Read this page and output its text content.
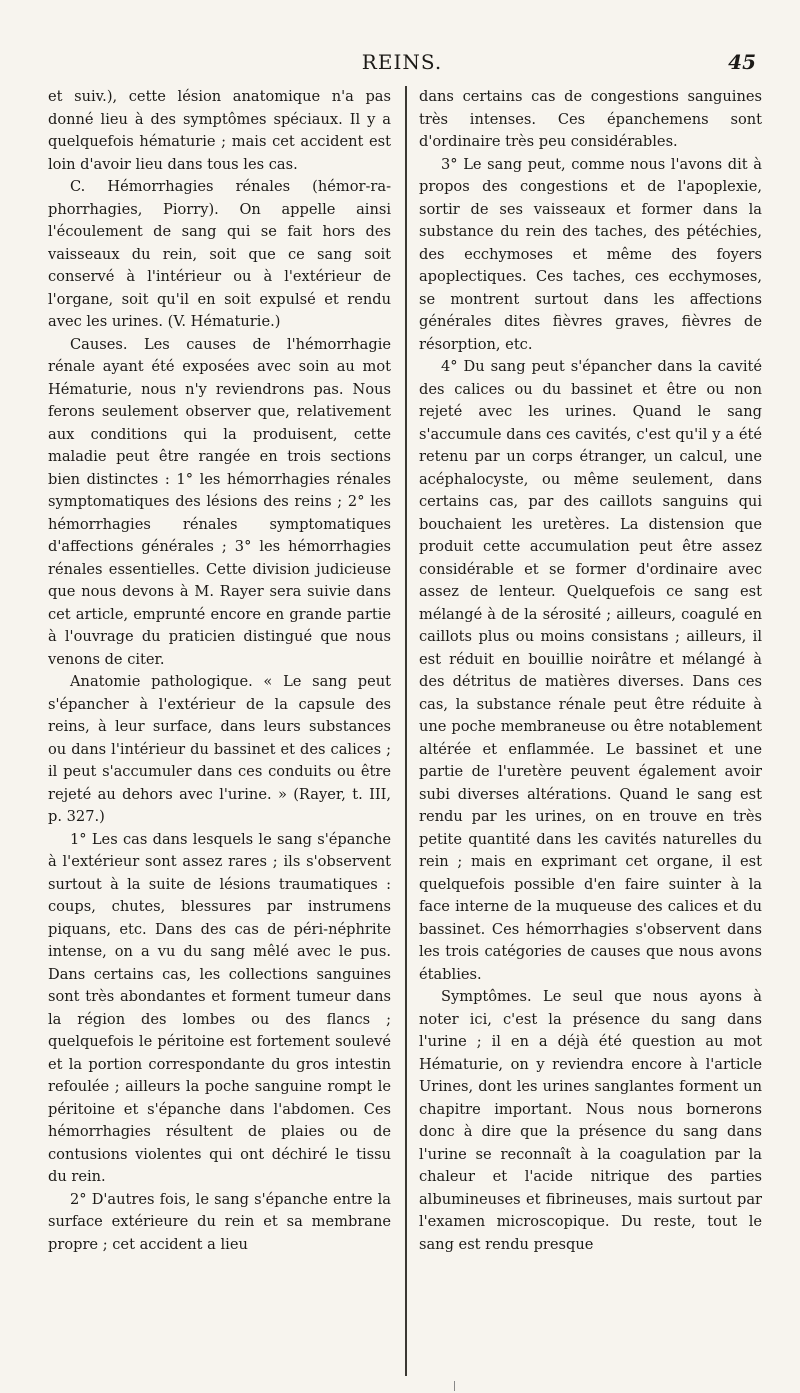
REINS.	45

et suiv.), cette lésion anatomique n'a pas donné lieu à des symptômes spéciaux. Il y a quelquefois hématurie ; mais cet accident est loin d'avoir lieu dans tous les cas.

C. Hémorrhagies rénales (hémor-ra-phorrhagies, Piorry). On appelle ainsi l'écoulement de sang qui se fait hors des vaisseaux du rein, soit que ce sang soit conservé à l'intérieur ou à l'extérieur de l'organe, soit qu'il en soit expulsé et rendu avec les urines. (V. Hématurie.)

Causes. Les causes de l'hémorrhagie rénale ayant été exposées avec soin au mot Hématurie, nous n'y reviendrons pas. Nous ferons seulement observer que, relativement aux conditions qui la produisent, cette maladie peut être rangée en trois sections bien distinctes : 1° les hémorrhagies rénales symptomatiques des lésions des reins ; 2° les hémorrhagies rénales symptomatiques d'affections générales ; 3° les hémorrhagies rénales essentielles. Cette division judicieuse que nous devons à M. Rayer sera suivie dans cet article, emprunté encore en grande partie à l'ouvrage du praticien distingué que nous venons de citer.

Anatomie pathologique. « Le sang peut s'épancher à l'extérieur de la capsule des reins, à leur surface, dans leurs substances ou dans l'intérieur du bassinet et des calices ; il peut s'accumuler dans ces conduits ou être rejeté au dehors avec l'urine. » (Rayer, t. III, p. 327.)

1° Les cas dans lesquels le sang s'épanche à l'extérieur sont assez rares ; ils s'observent surtout à la suite de lésions traumatiques : coups, chutes, blessures par instrumens piquans, etc. Dans des cas de péri-néphrite intense, on a vu du sang mêlé avec le pus. Dans certains cas, les collections sanguines sont très abondantes et forment tumeur dans la région des lombes ou des flancs ; quelquefois le péritoine est fortement soulevé et la portion correspondante du gros intestin refoulée ; ailleurs la poche sanguine rompt le péritoine et s'épanche dans l'abdomen. Ces hémorrhagies résultent de plaies ou de contusions violentes qui ont déchiré le tissu du rein.

2° D'autres fois, le sang s'épanche entre la surface extérieure du rein et sa membrane propre ; cet accident a lieu

dans certains cas de congestions sanguines très intenses. Ces épanchemens sont d'ordinaire très peu considérables.

3° Le sang peut, comme nous l'avons dit à propos des congestions et de l'apoplexie, sortir de ses vaisseaux et former dans la substance du rein des taches, des pétéchies, des ecchymoses et même des foyers apoplectiques. Ces taches, ces ecchymoses, se montrent surtout dans les affections générales dites fièvres graves, fièvres de résorption, etc.

4° Du sang peut s'épancher dans la cavité des calices ou du bassinet et être ou non rejeté avec les urines. Quand le sang s'accumule dans ces cavités, c'est qu'il y a été retenu par un corps étranger, un calcul, une acéphalocyste, ou même seulement, dans certains cas, par des caillots sanguins qui bouchaient les uretères. La distension que produit cette accumulation peut être assez considérable et se former d'ordinaire avec assez de lenteur. Quelquefois ce sang est mélangé à de la sérosité ; ailleurs, coagulé en caillots plus ou moins consistans ; ailleurs, il est réduit en bouillie noirâtre et mélangé à des détritus de matières diverses. Dans ces cas, la substance rénale peut être réduite à une poche membraneuse ou être notablement altérée et enflammée. Le bassinet et une partie de l'uretère peuvent également avoir subi diverses altérations. Quand le sang est rendu par les urines, on en trouve en très petite quantité dans les cavités naturelles du rein ; mais en exprimant cet organe, il est quelquefois possible d'en faire suinter à la face interne de la muqueuse des calices et du bassinet. Ces hémorrhagies s'observent dans les trois catégories de causes que nous avons établies.

Symptômes. Le seul que nous ayons à noter ici, c'est la présence du sang dans l'urine ; il en a déjà été question au mot Hématurie, on y reviendra encore à l'article Urines, dont les urines sanglantes forment un chapitre important. Nous nous bornerons donc à dire que la présence du sang dans l'urine se reconnaît à la coagulation par la chaleur et l'acide nitrique des parties albumineuses et fibrineuses, mais surtout par l'examen microscopique. Du reste, tout le sang est rendu presque
